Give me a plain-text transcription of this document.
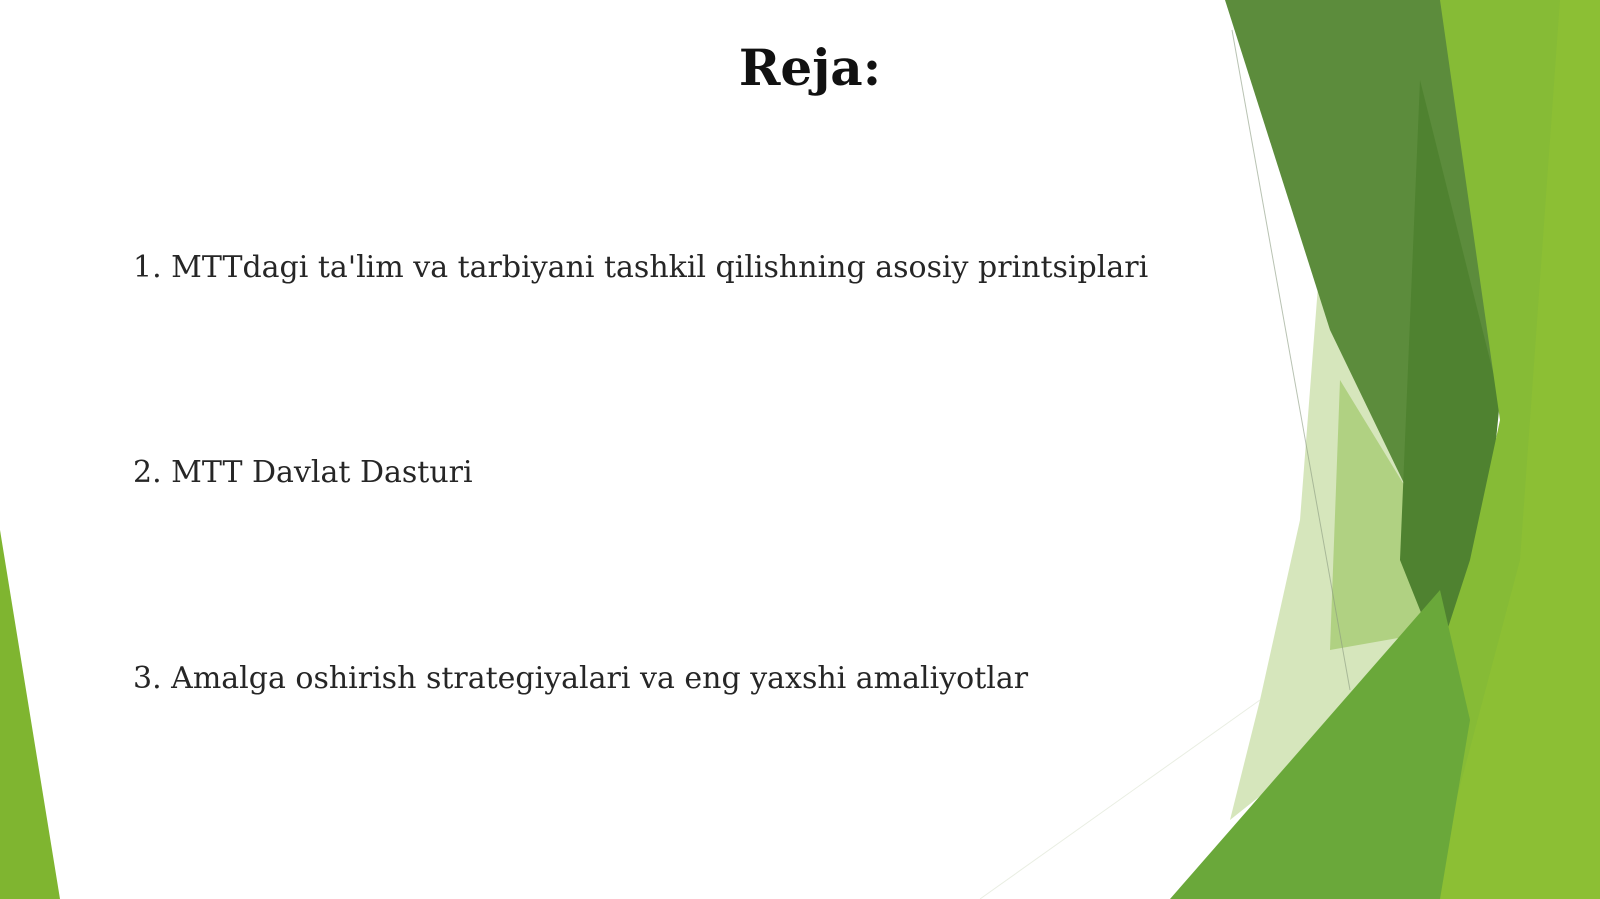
Reja:
1. MTTdagi ta'lim va tarbiyani tashkil qilishning asosiy printsiplari
2. MTT Davlat Dasturi
3. Amalga oshirish strategiyalari va eng yaxshi amaliyotlar
